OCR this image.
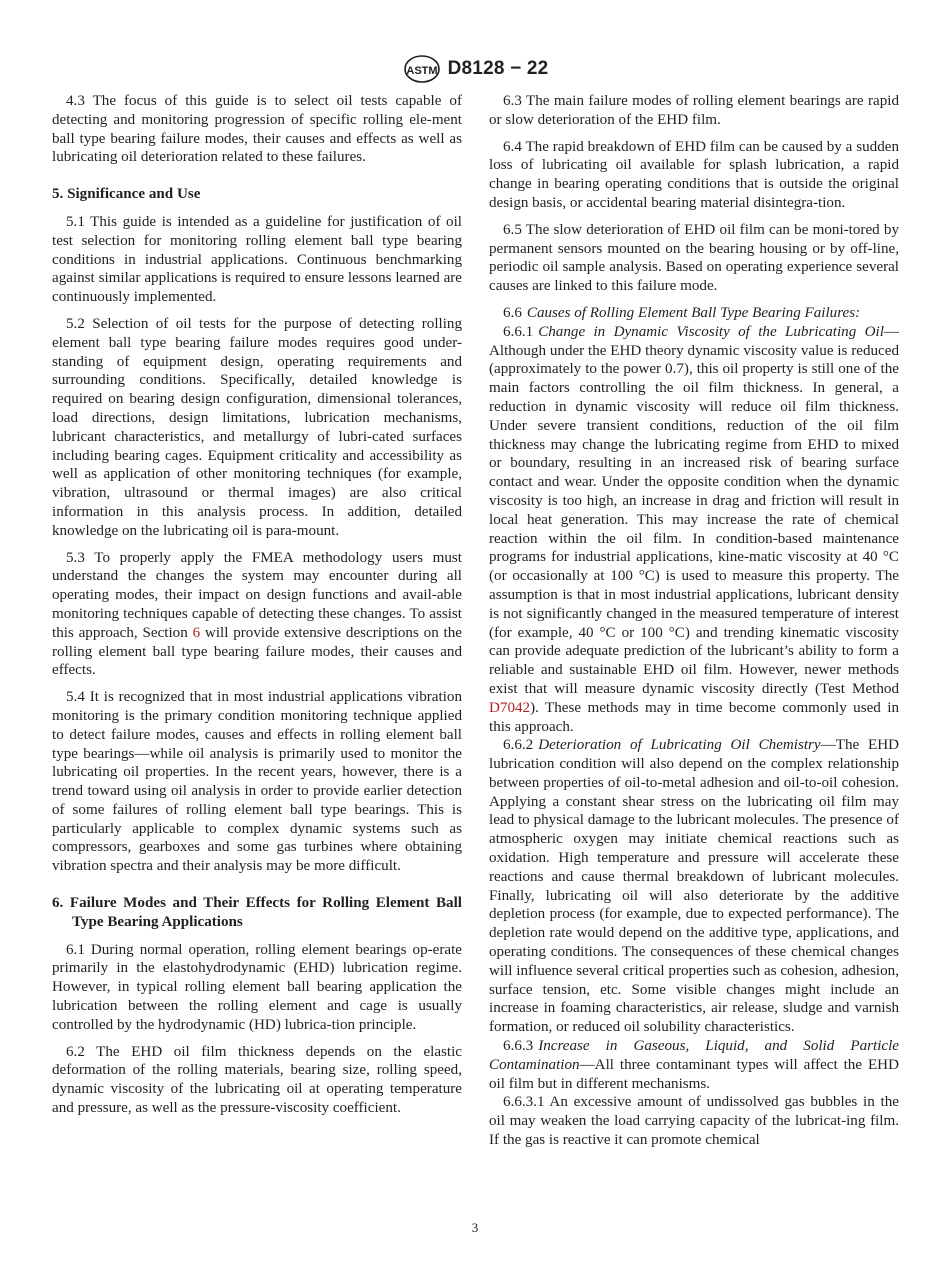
ASTM D8128 − 22

4.3 The focus of this guide is to select oil tests capable of detecting and monitoring progression of specific rolling ele-ment ball type bearing failure modes, their causes and effects as well as lubricating oil deterioration related to these failures.

5. Significance and Use

5.1 This guide is intended as a guideline for justification of oil test selection for monitoring rolling element ball type bearing conditions in industrial applications. Continuous benchmarking against similar applications is required to ensure lessons learned are continuously implemented.

5.2 Selection of oil tests for the purpose of detecting rolling element ball type bearing failure modes requires good under-standing of equipment design, operating requirements and surrounding conditions. Specifically, detailed knowledge is required on bearing design configuration, dimensional tolerances, load directions, design limitations, lubrication mechanisms, lubricant characteristics, and metallurgy of lubri-cated surfaces including bearing cages. Equipment criticality and accessibility as well as application of other monitoring techniques (for example, vibration, ultrasound or thermal images) are also critical information in this analysis process. In addition, detailed knowledge on the lubricating oil is para-mount.

5.3 To properly apply the FMEA methodology users must understand the changes the system may encounter during all operating modes, their impact on design functions and avail-able monitoring techniques capable of detecting these changes. To assist this approach, Section 6 will provide extensive descriptions on the rolling element ball type bearing failure modes, their causes and effects.

5.4 It is recognized that in most industrial applications vibration monitoring is the primary condition monitoring technique applied to detect failure modes, causes and effects in rolling element ball type bearings—while oil analysis is primarily used to monitor the lubricating oil properties. In the recent years, however, there is a trend toward using oil analysis in order to provide earlier detection of some failures of rolling element ball type bearings. This is particularly applicable to complex dynamic systems such as compressors, gearboxes and some gas turbines where obtaining vibration spectra and their analysis may be more difficult.

6. Failure Modes and Their Effects for Rolling Element Ball Type Bearing Applications

6.1 During normal operation, rolling element bearings op-erate primarily in the elastohydrodynamic (EHD) lubrication regime. However, in typical rolling element ball bearing application the lubrication between the rolling element and cage is usually controlled by the hydrodynamic (HD) lubrica-tion principle.

6.2 The EHD oil film thickness depends on the elastic deformation of the rolling materials, bearing size, rolling speed, dynamic viscosity of the lubricating oil at operating temperature and pressure, as well as the pressure-viscosity coefficient.

6.3 The main failure modes of rolling element bearings are rapid or slow deterioration of the EHD film.

6.4 The rapid breakdown of EHD film can be caused by a sudden loss of lubricating oil available for splash lubrication, a rapid change in bearing operating conditions that is outside the original design basis, or accidental bearing material disintegra-tion.

6.5 The slow deterioration of EHD oil film can be moni-tored by permanent sensors mounted on the bearing housing or by off-line, periodic oil sample analysis. Based on operating experience several causes are linked to this failure mode.

6.6 Causes of Rolling Element Ball Type Bearing Failures:

6.6.1 Change in Dynamic Viscosity of the Lubricating Oil—Although under the EHD theory dynamic viscosity value is reduced (approximately to the power 0.7), this oil property is still one of the main factors controlling the oil film thickness. In general, a reduction in dynamic viscosity will reduce oil film thickness. Under severe transient conditions, reduction of the oil film thickness may change the lubricating regime from EHD to mixed or boundary, resulting in an increased risk of bearing surface contact and wear. Under the opposite condition when the dynamic viscosity is too high, an increase in drag and friction will result in local heat generation. This may increase the rate of chemical reaction within the oil film. In condition-based maintenance programs for industrial applications, kine-matic viscosity at 40 °C (or occasionally at 100 °C) is used to measure this property. The assumption is that in most industrial applications, lubricant density is not significantly changed in the measured temperature of interest (for example, 40 °C or 100 °C) and trending kinematic viscosity can provide adequate prediction of the lubricant’s ability to form a reliable and sustainable EHD oil film. However, newer methods exist that will measure dynamic viscosity directly (Test Method D7042). These methods may in time become commonly used in this approach.

6.6.2 Deterioration of Lubricating Oil Chemistry—The EHD lubrication condition will also depend on the complex relationship between properties of oil-to-metal adhesion and oil-to-oil cohesion. Applying a constant shear stress on the lubricating oil film may lead to physical damage to the lubricant molecules. The presence of atmospheric oxygen may initiate chemical reactions such as oxidation. High temperature and pressure will accelerate these reactions and cause thermal breakdown of lubricant molecules. Finally, lubricating oil will also deteriorate by the additive depletion process (for example, due to expected performance). The depletion rate would depend on the additive type, applications, and operating conditions. The consequences of these chemical changes will influence several critical properties such as cohesion, adhesion, surface tension, etc. Some visible changes might include an increase in foaming characteristics, air release, sludge and varnish formation, or reduced oil solubility characteristics.

6.6.3 Increase in Gaseous, Liquid, and Solid Particle Contamination—All three contaminant types will affect the EHD oil film but in different mechanisms.

6.6.3.1 An excessive amount of undissolved gas bubbles in the oil may weaken the load carrying capacity of the lubricat-ing film. If the gas is reactive it can promote chemical

3
